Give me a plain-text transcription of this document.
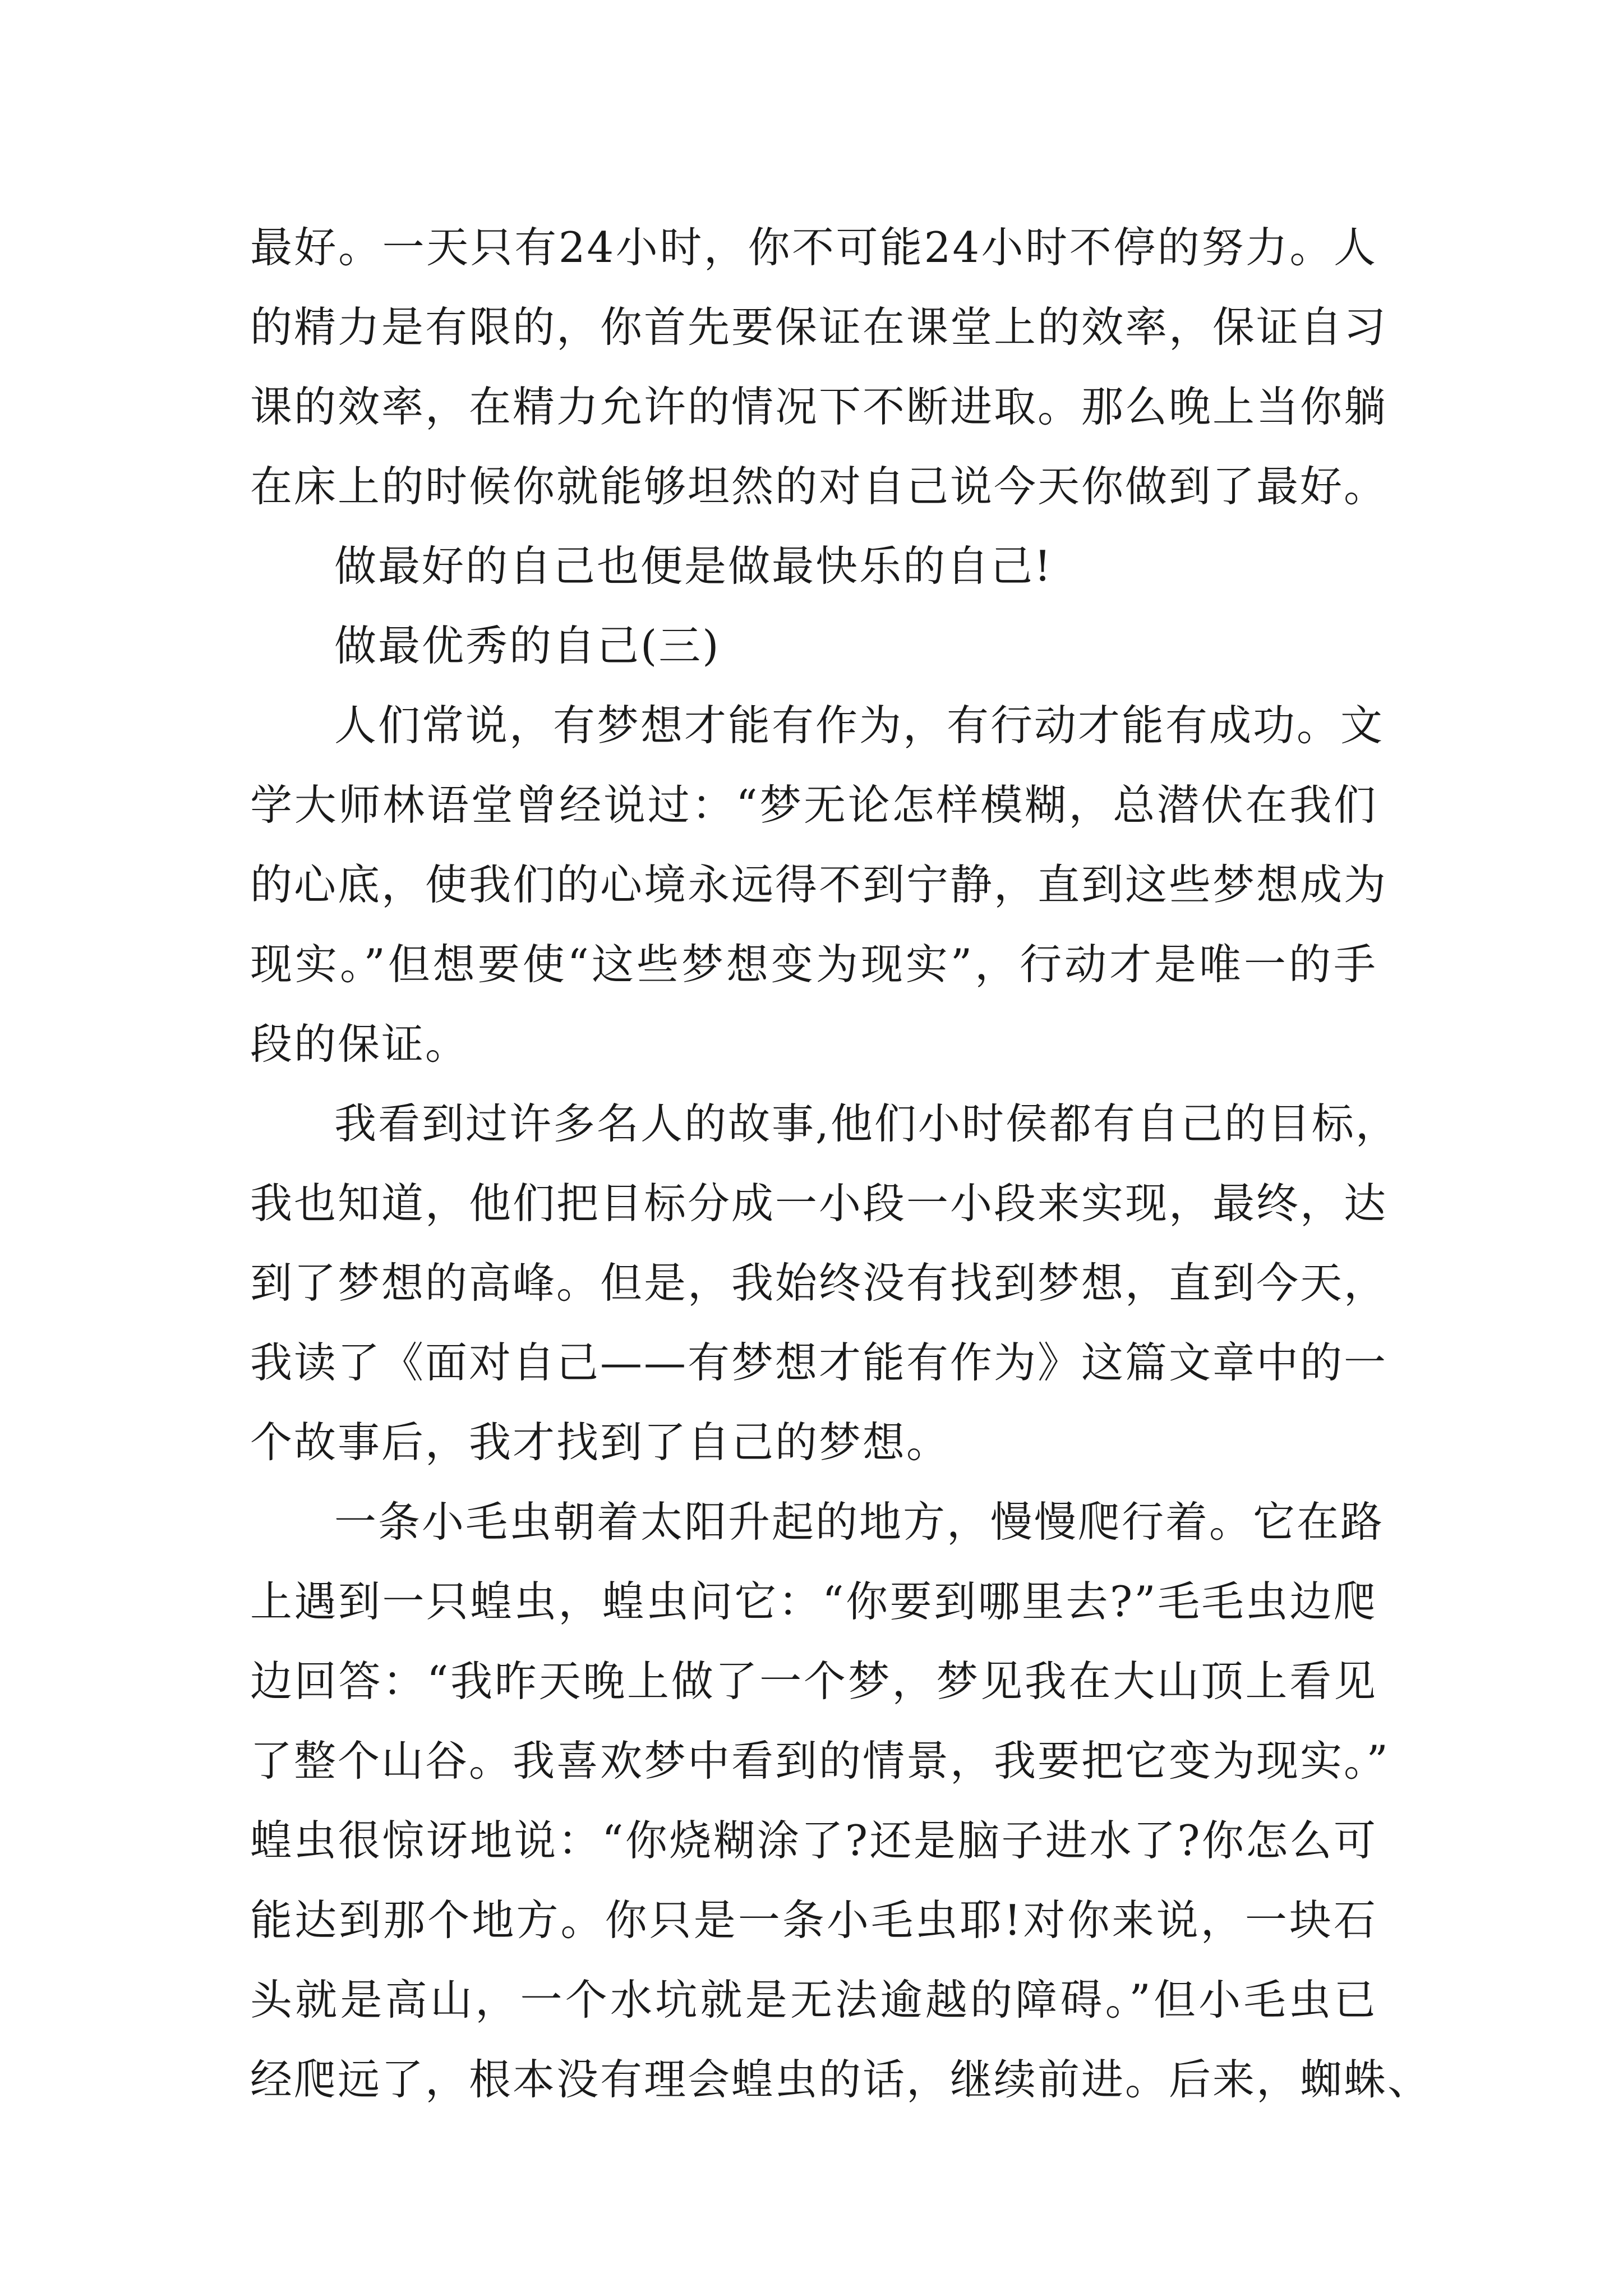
最好。一天只有24小时，你不可能24小时不停的努力。人
的精力是有限的，你首先要保证在课堂上的效率，保证自习
课的效率，在精力允许的情况下不断进取。那么晚上当你躺
在床上的时候你就能够坦然的对自己说今天你做到了最好。
做最好的自己也便是做最快乐的自己!
做最优秀的自己(三)
人们常说，有梦想才能有作为，有行动才能有成功。文
学大师林语堂曾经说过：“梦无论怎样模糊，总潜伏在我们
的心底，使我们的心境永远得不到宁静，直到这些梦想成为
现实。”但想要使“这些梦想变为现实”，行动才是唯一的手
段的保证。
我看到过许多名人的故事,他们小时侯都有自己的目标，
我也知道，他们把目标分成一小段一小段来实现，最终，达
到了梦想的高峰。但是，我始终没有找到梦想，直到今天，
我读了《面对自己——有梦想才能有作为》这篇文章中的一
个故事后，我才找到了自己的梦想。
一条小毛虫朝着太阳升起的地方，慢慢爬行着。它在路
上遇到一只蝗虫，蝗虫问它：“你要到哪里去?”毛毛虫边爬
边回答：“我昨天晚上做了一个梦，梦见我在大山顶上看见
了整个山谷。我喜欢梦中看到的情景，我要把它变为现实。”
蝗虫很惊讶地说：“你烧糊涂了?还是脑子进水了?你怎么可
能达到那个地方。你只是一条小毛虫耶!对你来说，一块石
头就是高山，一个水坑就是无法逾越的障碍。”但小毛虫已
经爬远了，根本没有理会蝗虫的话，继续前进。后来，蜘蛛、
